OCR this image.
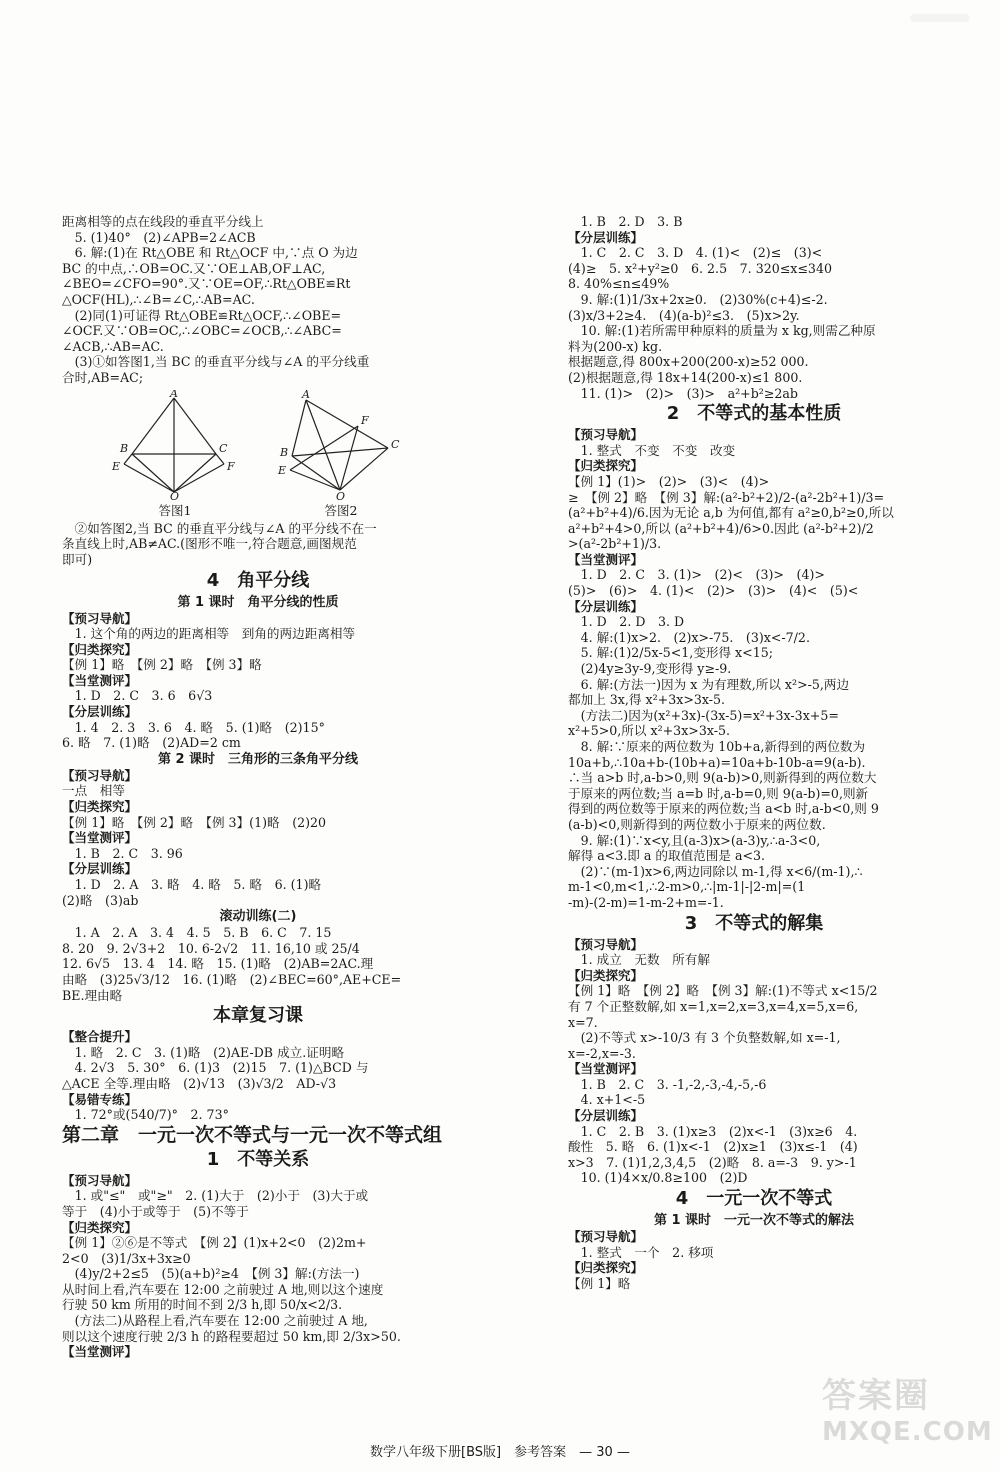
距离相等的点在线段的垂直平分线上
　5. (1)40°　(2)∠APB=2∠ACB
　6. 解:(1)在 Rt△OBE 和 Rt△OCF 中,∵点 O 为边
BC 的中点,∴OB=OC.又∵OE⊥AB,OF⊥AC,
∠BEO=∠CFO=90°.又∵OE=OF,∴Rt△OBE≌Rt
△OCF(HL),∴∠B=∠C,∴AB=AC.
　(2)同(1)可证得 Rt△OBE≌Rt△OCF,∴∠OBE=
∠OCF.又∵OB=OC,∴∠OBC=∠OCB,∴∠ABC=
∠ACB,∴AB=AC.
　(3)①如答图1,当 BC 的垂直平分线与∠A 的平分线重
合时,AB=AC;
A
B	C
E	F
O
答图1
A
B
C
E
F
O
答图2
　②如答图2,当 BC 的垂直平分线与∠A 的平分线不在一
条直线上时,AB≠AC.(图形不唯一,符合题意,画图规范
即可)
4　角平分线
第 1 课时　角平分线的性质
【预习导航】
　1. 这个角的两边的距离相等　到角的两边距离相等
【归类探究】
【例 1】略　【例 2】略　【例 3】略
【当堂测评】
　1. D　2. C　3. 6　6√3
【分层训练】
　1. 4　2. 3　3. 6　4. 略　5. (1)略　(2)15°
6. 略　7. (1)略　(2)AD=2 cm
第 2 课时　三角形的三条角平分线
【预习导航】
一点　相等
【归类探究】
【例 1】略　【例 2】略　【例 3】(1)略　(2)20
【当堂测评】
　1. B　2. C　3. 96
【分层训练】
　1. D　2. A　3. 略　4. 略　5. 略　6. (1)略
(2)略　(3)ab
滚动训练(二)
　1. A　2. A　3. 4　4. 5　5. B　6. C　7. 15
8. 20　9. 2√3+2　10. 6-2√2　11. 16,10 或 25/4
12. 6√5　13. 4　14. 略　15. (1)略　(2)AB=2AC.理
由略　(3)25√3/12　16. (1)略　(2)∠BEC=60°,AE+CE=
BE.理由略
本章复习课
【整合提升】
　1. 略　2. C　3. (1)略　(2)AE-DB 成立.证明略
　4. 2√3　5. 30°　6. (1)3　(2)15　7. (1)△BCD 与
△ACE 全等.理由略　(2)√13　(3)√3/2　AD-√3
【易错专练】
　1. 72°或(540/7)°　2. 73°
第二章　一元一次不等式与一元一次不等式组
1　不等关系
【预习导航】
　1. 或"≤"　或"≥"　2. (1)大于　(2)小于　(3)大于或
等于　(4)小于或等于　(5)不等于
【归类探究】
【例 1】②⑥是不等式　【例 2】(1)x+2<0　(2)2m+
2<0　(3)1/3x+3x≥0
　(4)y/2+2≤5　(5)(a+b)²≥4　【例 3】解:(方法一)
从时间上看,汽车要在 12:00 之前驶过 A 地,则以这个速度
行驶 50 km 所用的时间不到 2/3 h,即 50/x<2/3.
　(方法二)从路程上看,汽车要在 12:00 之前驶过 A 地,
则以这个速度行驶 2/3 h 的路程要超过 50 km,即 2/3x>50.
【当堂测评】
　1. B　2. D　3. B
【分层训练】
　1. C　2. C　3. D　4. (1)<　(2)≤　(3)<
(4)≥　5. x²+y²≥0　6. 2.5　7. 320≤x≤340
8. 40%≤n≤49%
　9. 解:(1)1/3x+2x≥0.　(2)30%(c+4)≤-2.
(3)x/3+2≥4.　(4)(a-b)²≤3.　(5)x>2y.
　10. 解:(1)若所需甲种原料的质量为 x kg,则需乙种原
料为(200-x) kg.
根据题意,得 800x+200(200-x)≥52 000.
(2)根据题意,得 18x+14(200-x)≤1 800.
　11. (1)>　(2)>　(3)>　a²+b²≥2ab
2　不等式的基本性质
【预习导航】
　1. 整式　不变　不变　改变
【归类探究】
【例 1】(1)>　(2)>　(3)<　(4)>
≥　【例 2】略　【例 3】解:(a²-b²+2)/2-(a²-2b²+1)/3=
(a²+b²+4)/6.因为无论 a,b 为何值,都有 a²≥0,b²≥0,所以
a²+b²+4>0,所以 (a²+b²+4)/6>0.因此 (a²-b²+2)/2
>(a²-2b²+1)/3.
【当堂测评】
　1. D　2. C　3. (1)>　(2)<　(3)>　(4)>
(5)>　(6)>　4. (1)<　(2)>　(3)>　(4)<　(5)<
【分层训练】
　1. D　2. D　3. D
　4. 解:(1)x>2.　(2)x>-75.　(3)x<-7/2.
　5. 解:(1)2/5x-5<1,变形得 x<15;
　(2)4y≥3y-9,变形得 y≥-9.
　6. 解:(方法一)因为 x 为有理数,所以 x²>-5,两边
都加上 3x,得 x²+3x>3x-5.
　(方法二)因为(x²+3x)-(3x-5)=x²+3x-3x+5=
x²+5>0,所以 x²+3x>3x-5.
　8. 解:∵原来的两位数为 10b+a,新得到的两位数为
10a+b,∴10a+b-(10b+a)=10a+b-10b-a=9(a-b).
∴当 a>b 时,a-b>0,则 9(a-b)>0,则新得到的两位数大
于原来的两位数;当 a=b 时,a-b=0,则 9(a-b)=0,则新
得到的两位数等于原来的两位数;当 a<b 时,a-b<0,则 9
(a-b)<0,则新得到的两位数小于原来的两位数.
　9. 解:(1)∵x<y,且(a-3)x>(a-3)y,∴a-3<0,
解得 a<3.即 a 的取值范围是 a<3.
　(2)∵(m-1)x>6,两边同除以 m-1,得 x<6/(m-1),∴
m-1<0,m<1,∴2-m>0,∴|m-1|-|2-m|=(1
-m)-(2-m)=1-m-2+m=-1.
3　不等式的解集
【预习导航】
　1. 成立　无数　所有解
【归类探究】
【例 1】略　【例 2】略　【例 3】解:(1)不等式 x<15/2
有 7 个正整数解,如 x=1,x=2,x=3,x=4,x=5,x=6,
x=7.
　(2)不等式 x>-10/3 有 3 个负整数解,如 x=-1,
x=-2,x=-3.
【当堂测评】
　1. B　2. C　3. -1,-2,-3,-4,-5,-6
　4. x+1<-5
【分层训练】
　1. C　2. B　3. (1)x≥3　(2)x<-1　(3)x≥6　4.
酸性　5. 略　6. (1)x<-1　(2)x≥1　(3)x≤-1　(4)
x>3　7. (1)1,2,3,4,5　(2)略　8. a=-3　9. y>-1
　10. (1)4×x/0.8≥100　(2)D
4　一元一次不等式
第 1 课时　一元一次不等式的解法
【预习导航】
　1. 整式　一个　2. 移项
【归类探究】
【例 1】略
数学八年级下册[BS版]　参考答案　— 30 —
答案圈
MXQE.COM
